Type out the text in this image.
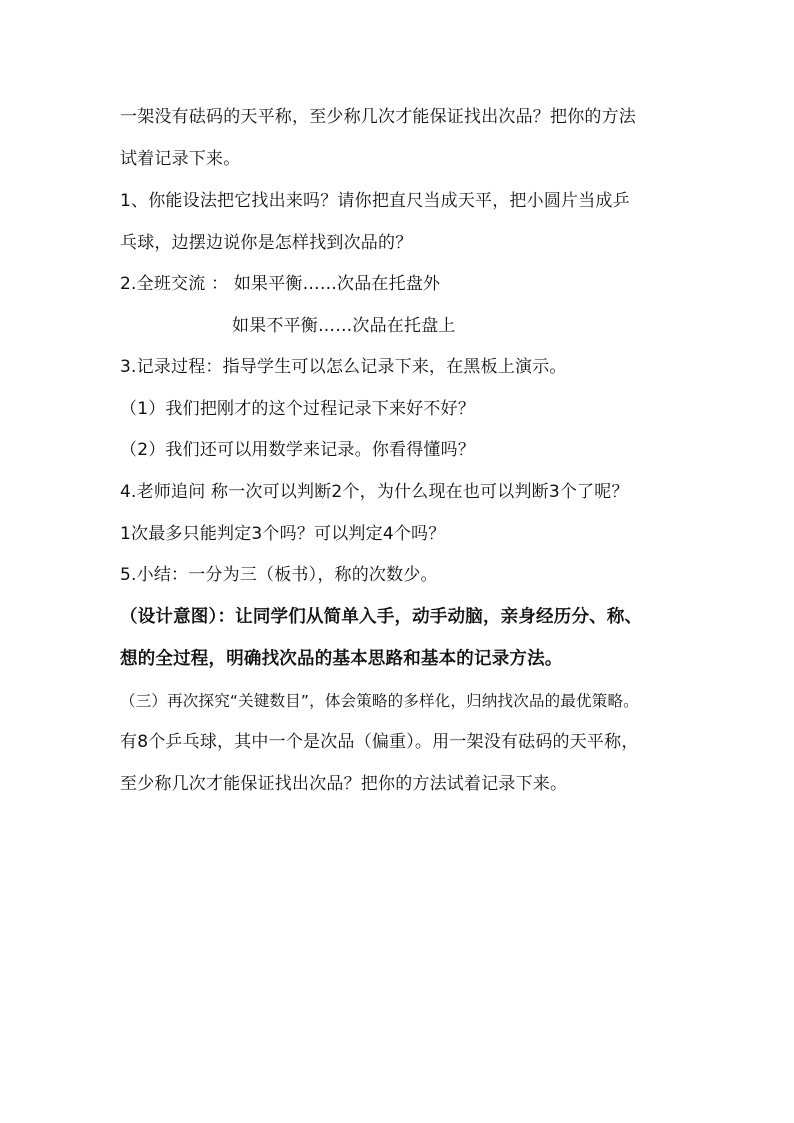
一架没有砝码的天平称，至少称几次才能保证找出次品？把你的方法
试着记录下来。
1、你能设法把它找出来吗？请你把直尺当成天平，把小圆片当成乒
乓球，边摆边说你是怎样找到次品的？
2.全班交流 ： 如果平衡……次品在托盘外
如果不平衡……次品在托盘上
3.记录过程：指导学生可以怎么记录下来，在黑板上演示。
（1）我们把刚才的这个过程记录下来好不好？
（2）我们还可以用数学来记录。你看得懂吗？
4.老师追问 称一次可以判断2个，为什么现在也可以判断3个了呢？
1次最多只能判定3个吗？可以判定4个吗？
5.小结：一分为三（板书），称的次数少。
（设计意图）：让同学们从简单入手，动手动脑，亲身经历分、称、
想的全过程，明确找次品的基本思路和基本的记录方法。
（三）再次探究“关键数目”，体会策略的多样化，归纳找次品的最优策略。
有8个乒乓球，其中一个是次品（偏重）。用一架没有砝码的天平称，
至少称几次才能保证找出次品？把你的方法试着记录下来。
